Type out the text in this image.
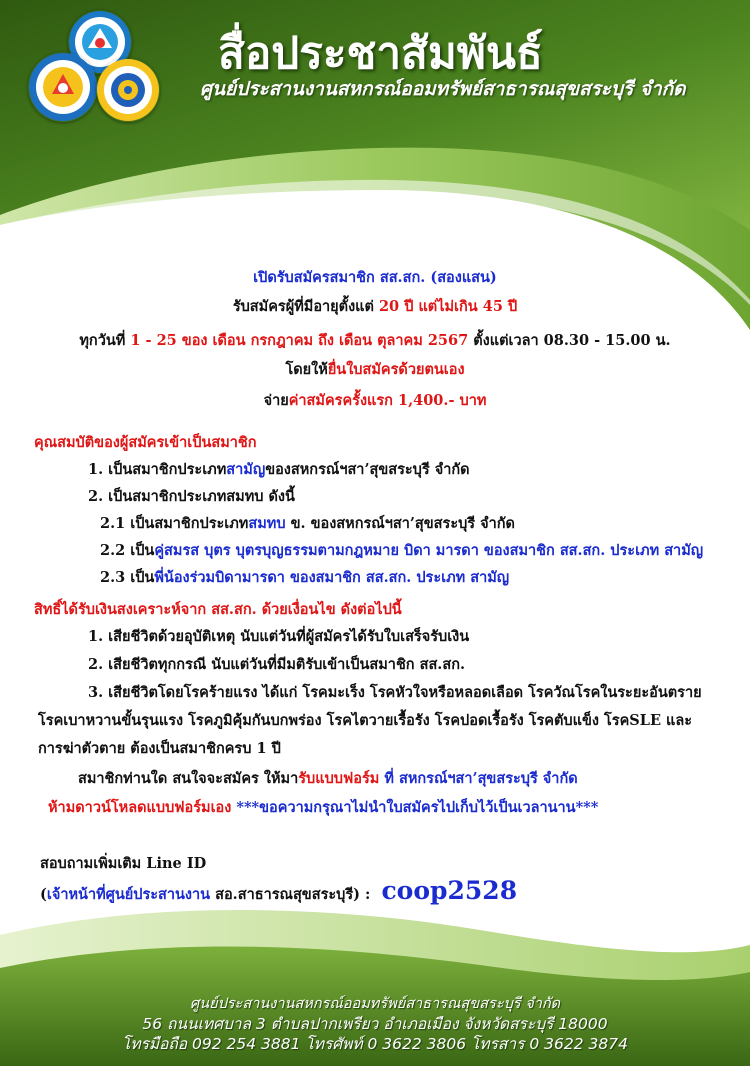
สื่อประชาสัมพันธ์
ศูนย์ประสานงานสหกรณ์ออมทรัพย์สาธารณสุขสระบุรี จำกัด
เปิดรับสมัครสมาชิก สส.สก. (สองแสน)
รับสมัครผู้ที่มีอายุตั้งแต่ 20 ปี แต่ไม่เกิน 45 ปี
ทุกวันที่ 1 - 25 ของ เดือน กรกฎาคม ถึง เดือน ตุลาคม 2567 ตั้งแต่เวลา 08.30 - 15.00 น.
โดยให้ยื่นใบสมัครด้วยตนเอง
จ่ายค่าสมัครครั้งแรก 1,400.- บาท
คุณสมบัติของผู้สมัครเข้าเป็นสมาชิก
1. เป็นสมาชิกประเภทสามัญของสหกรณ์ฯสา’สุขสระบุรี จำกัด
2. เป็นสมาชิกประเภทสมทบ ดังนี้
2.1 เป็นสมาชิกประเภทสมทบ ข. ของสหกรณ์ฯสา’สุขสระบุรี จำกัด
2.2 เป็นคู่สมรส บุตร บุตรบุญธรรมตามกฎหมาย บิดา มารดา ของสมาชิก สส.สก. ประเภท สามัญ
2.3 เป็นพี่น้องร่วมบิดามารดา ของสมาชิก สส.สก. ประเภท สามัญ
สิทธิ์ได้รับเงินสงเคราะห์จาก สส.สก. ด้วยเงื่อนไข ดังต่อไปนี้
1. เสียชีวิตด้วยอุบัติเหตุ นับแต่วันที่ผู้สมัครได้รับใบเสร็จรับเงิน
2. เสียชีวิตทุกกรณี นับแต่วันที่มีมติรับเข้าเป็นสมาชิก สส.สก.
3. เสียชีวิตโดยโรคร้ายแรง ได้แก่ โรคมะเร็ง โรคหัวใจหรือหลอดเลือด โรควัณโรคในระยะอันตราย
โรคเบาหวานขั้นรุนแรง โรคภูมิคุ้มกันบกพร่อง โรคไตวายเรื้อรัง โรคปอดเรื้อรัง โรคตับแข็ง โรคSLE และ
การฆ่าตัวตาย ต้องเป็นสมาชิกครบ 1 ปี
สมาชิกท่านใด สนใจจะสมัคร ให้มารับแบบฟอร์ม ที่ สหกรณ์ฯสา’สุขสระบุรี จำกัด
ห้ามดาวน์โหลดแบบฟอร์มเอง ***ขอความกรุณาไม่นำใบสมัครไปเก็บไว้เป็นเวลานาน***
สอบถามเพิ่มเติม Line ID
(เจ้าหน้าที่ศูนย์ประสานงาน สอ.สาธารณสุขสระบุรี) : coop2528
ศูนย์ประสานงานสหกรณ์ออมทรัพย์สาธารณสุขสระบุรี จำกัด
56 ถนนเทศบาล 3 ตำบลปากเพรียว อำเภอเมือง จังหวัดสระบุรี 18000
โทรมือถือ 092 254 3881 โทรศัพท์ 0 3622 3806 โทรสาร 0 3622 3874
